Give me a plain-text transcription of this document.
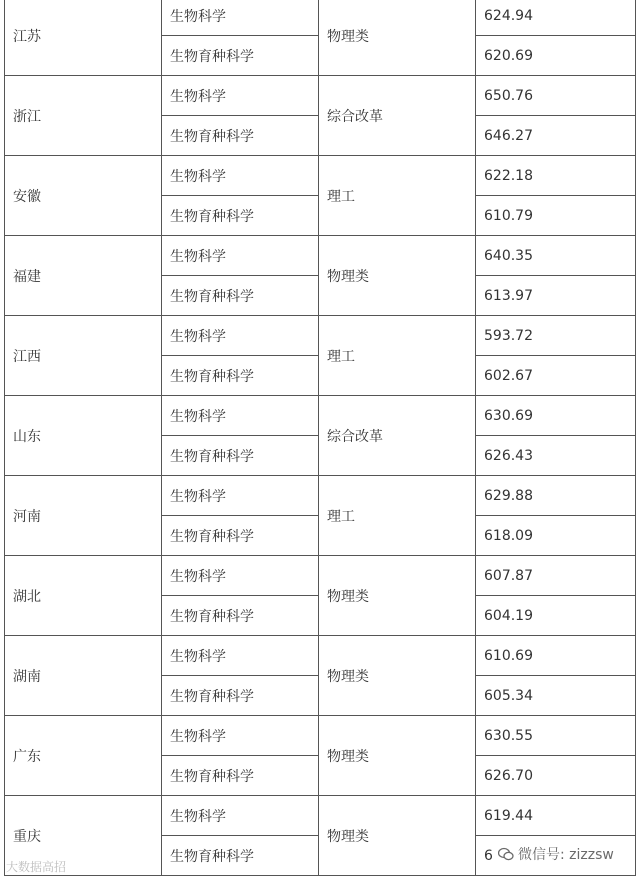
江苏	生物科学	物理类	624.94
	生物育种科学		620.69
浙江	生物科学	综合改革	650.76
	生物育种科学		646.27
安徽	生物科学	理工	622.18
	生物育种科学		610.79
福建	生物科学	物理类	640.35
	生物育种科学		613.97
江西	生物科学	理工	593.72
	生物育种科学		602.67
山东	生物科学	综合改革	630.69
	生物育种科学		626.43
河南	生物科学	理工	629.88
	生物育种科学		618.09
湖北	生物科学	物理类	607.87
	生物育种科学		604.19
湖南	生物科学	物理类	610.69
	生物育种科学		605.34
广东	生物科学	物理类	630.55
	生物育种科学		626.70
重庆	生物科学	物理类	619.44
	生物育种科学		6
大数据高招
微信号: zizzsw
